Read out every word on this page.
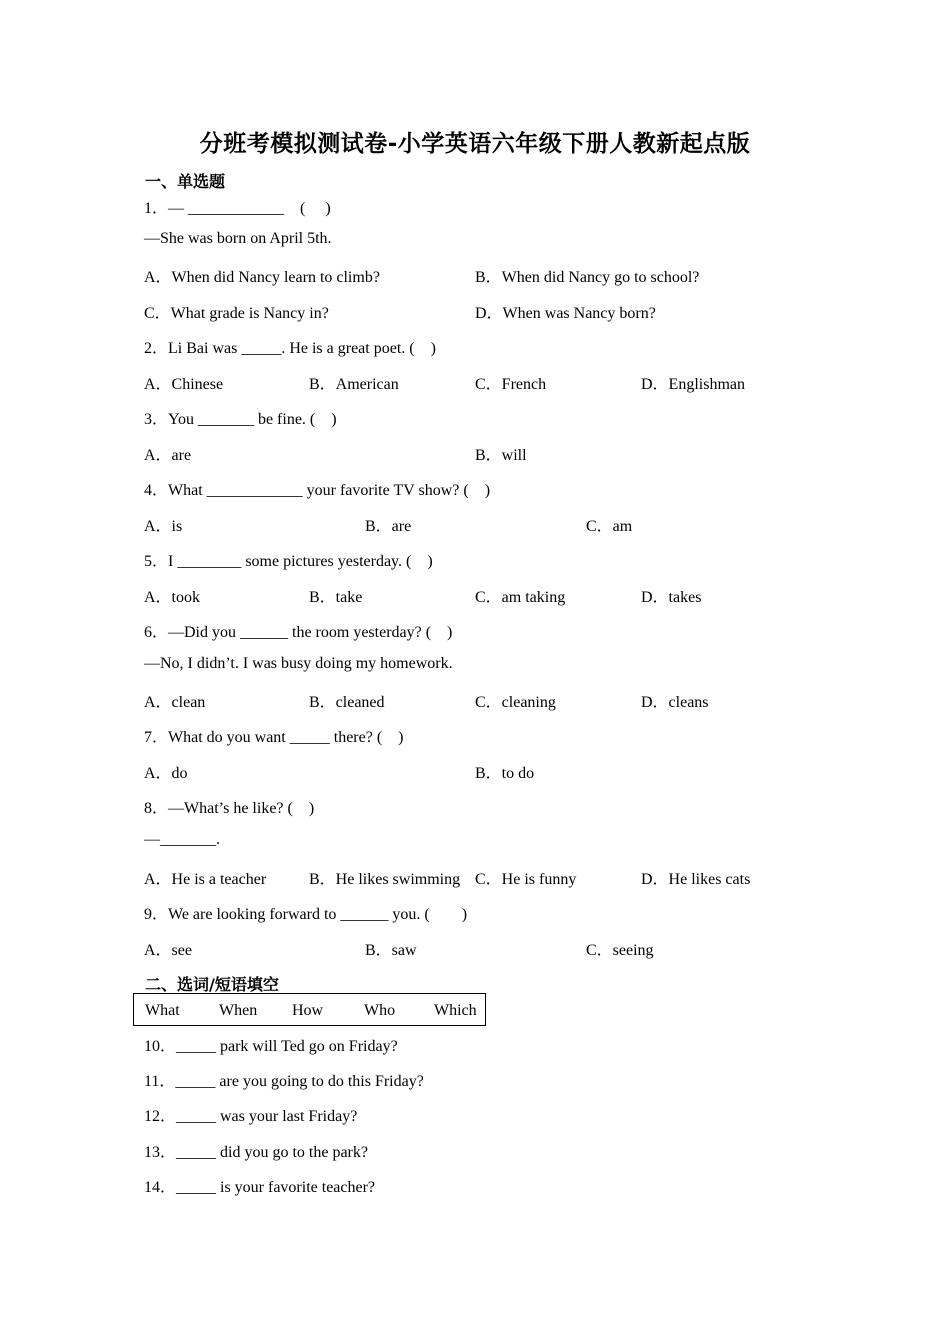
分班考模拟测试卷-小学英语六年级下册人教新起点版
一、单选题
1．— ____________　(　 )
—She was born on April 5th.
A．When did Nancy learn to climb?	B．When did Nancy go to school?
C．What grade is Nancy in?	D．When was Nancy born?
2．Li Bai was _____. He is a great poet. (　)
A．Chinese	B．American	C．French	D．Englishman
3．You _______ be fine. (　)
A．are	B．will
4．What ____________ your favorite TV show? (　)
A．is	B．are	C．am
5．I ________ some pictures yesterday. (　)
A．took	B．take	C．am taking	D．takes
6．—Did you ______ the room yesterday? (　)
—No, I didn’t. I was busy doing my homework.
A．clean	B．cleaned	C．cleaning	D．cleans
7．What do you want _____ there? (　)
A．do	B．to do
8．—What’s he like? (　)
—_______.
A．He is a teacher	B．He likes swimming C．He is funny	D．He likes cats
9．We are looking forward to ______ you. (　　)
A．see	B．saw	C．seeing
二、选词/短语填空
What When How	Who Which
10．_____ park will Ted go on Friday?
11．_____ are you going to do this Friday?
12．_____ was your last Friday?
13．_____ did you go to the park?
14．_____ is your favorite teacher?
